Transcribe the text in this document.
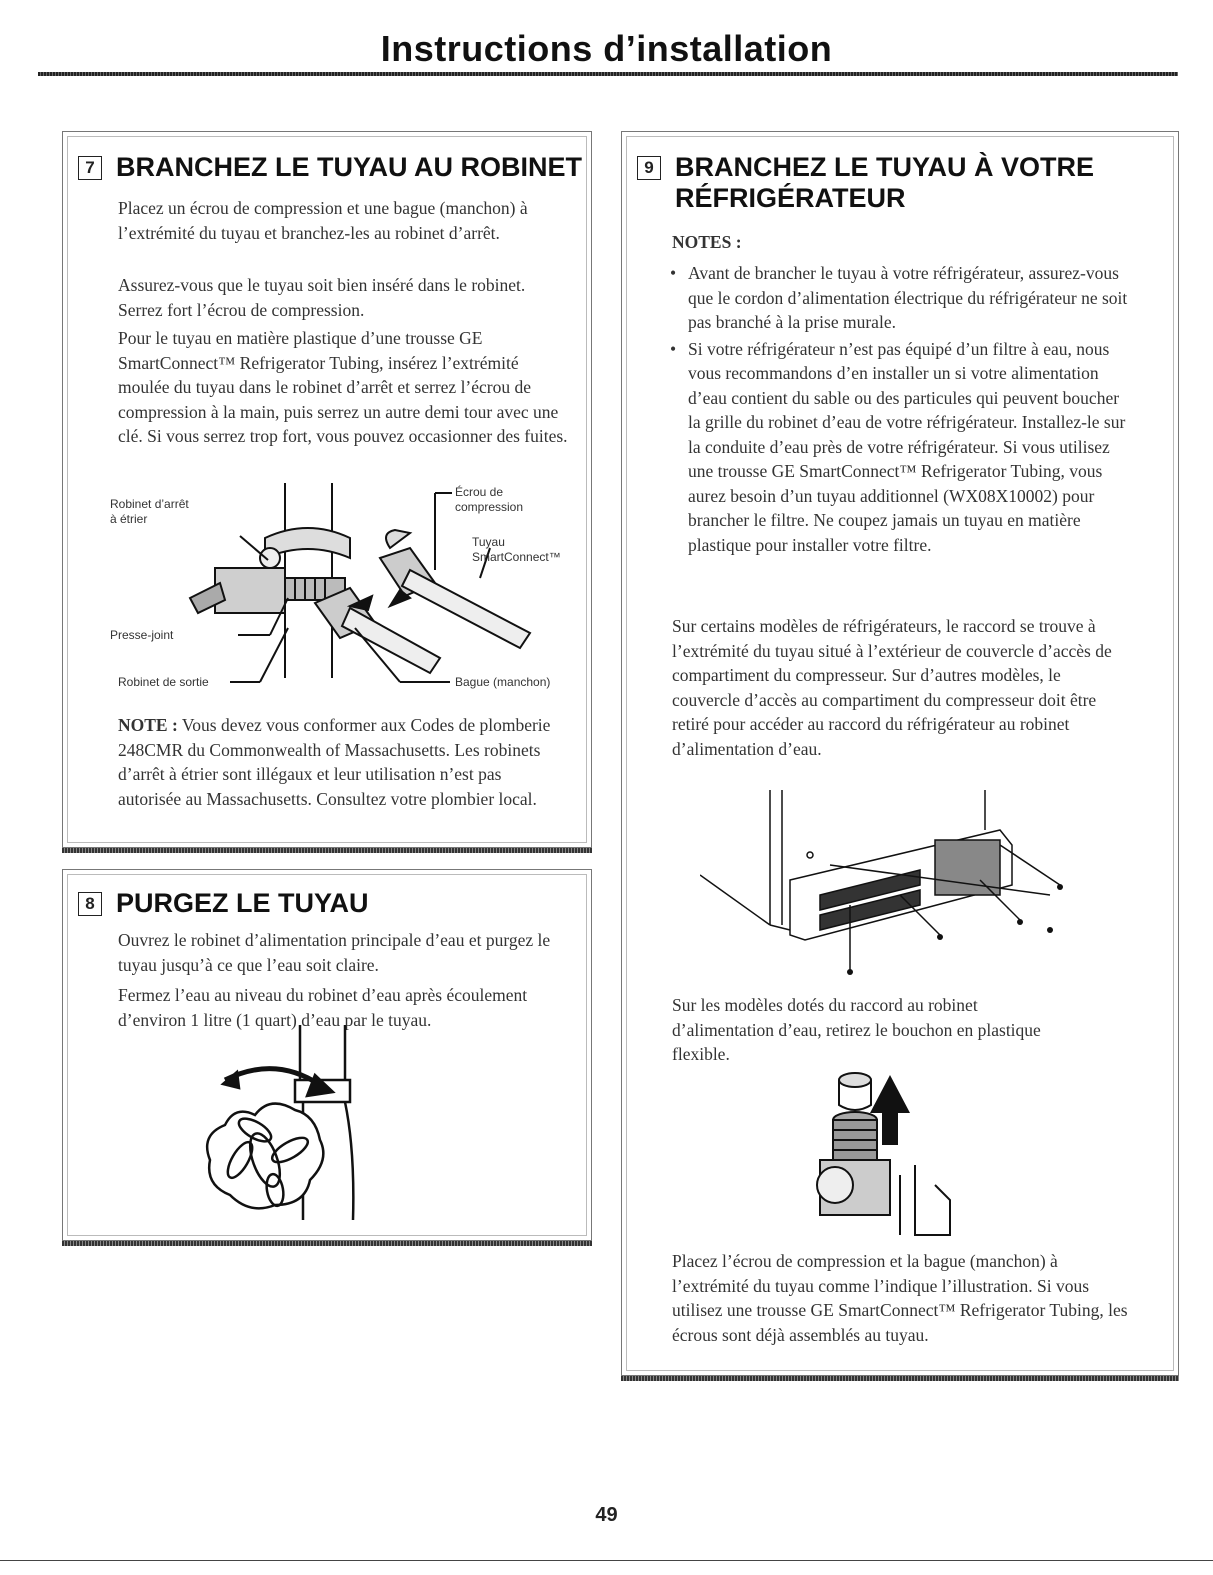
Instructions d’installation
7 BRANCHEZ LE TUYAU AU ROBINET

Placez un écrou de compression et une bague (manchon) à l’extrémité du tuyau et branchez-les au robinet d’arrêt.

Assurez-vous que le tuyau soit bien inséré dans le robinet. Serrez fort l’écrou de compression.

Pour le tuyau en matière plastique d’une trousse GE SmartConnect™ Refrigerator Tubing, insérez l’extrémité moulée du tuyau dans le robinet d’arrêt et serrez l’écrou de compression à la main, puis serrez un autre demi tour avec une clé. Si vous serrez trop fort, vous pouvez occasionner des fuites.

Robinet d’arrêt
à étrier
Écrou de
compression
Tuyau
SmartConnect™
Presse-joint
Robinet de sortie	Bague (manchon)

NOTE : Vous devez vous conformer aux Codes de plomberie 248CMR du Commonwealth of Massachusetts. Les robinets d’arrêt à étrier sont illégaux et leur utilisation n’est pas autorisée au Massachusetts. Consultez votre plombier local.

8 PURGEZ LE TUYAU

Ouvrez le robinet d’alimentation principale d’eau et purgez le tuyau jusqu’à ce que l’eau soit claire.

Fermez l’eau au niveau du robinet d’eau après écoulement d’environ 1 litre (1 quart) d’eau par le tuyau.

9 BRANCHEZ LE TUYAU À VOTRE
RÉFRIGÉRATEUR
NOTES :
• Avant de brancher le tuyau à votre réfrigérateur, assurez-vous que le cordon d’alimentation électrique du réfrigérateur ne soit pas branché à la prise murale.
• Si votre réfrigérateur n’est pas équipé d’un filtre à eau, nous vous recommandons d’en installer un si votre alimentation d’eau contient du sable ou des particules qui peuvent boucher la grille du robinet d’eau de votre réfrigérateur. Installez-le sur la conduite d’eau près de votre réfrigérateur. Si vous utilisez une trousse GE SmartConnect™ Refrigerator Tubing, vous aurez besoin d’un tuyau additionnel (WX08X10002) pour brancher le filtre. Ne coupez jamais un tuyau en matière plastique pour installer votre filtre.

Sur certains modèles de réfrigérateurs, le raccord se trouve à l’extrémité du tuyau situé à l’extérieur de couvercle d’accès de compartiment du compresseur. Sur d’autres modèles, le couvercle d’accès au compartiment du compresseur doit être retiré pour accéder au raccord du réfrigérateur au robinet d’alimentation d’eau.

Sur les modèles dotés du raccord au robinet d’alimentation d’eau, retirez le bouchon en plastique flexible.

Placez l’écrou de compression et la bague (manchon) à l’extrémité du tuyau comme l’indique l’illustration. Si vous utilisez une trousse GE SmartConnect™ Refrigerator Tubing, les écrous sont déjà assemblés au tuyau.

49
